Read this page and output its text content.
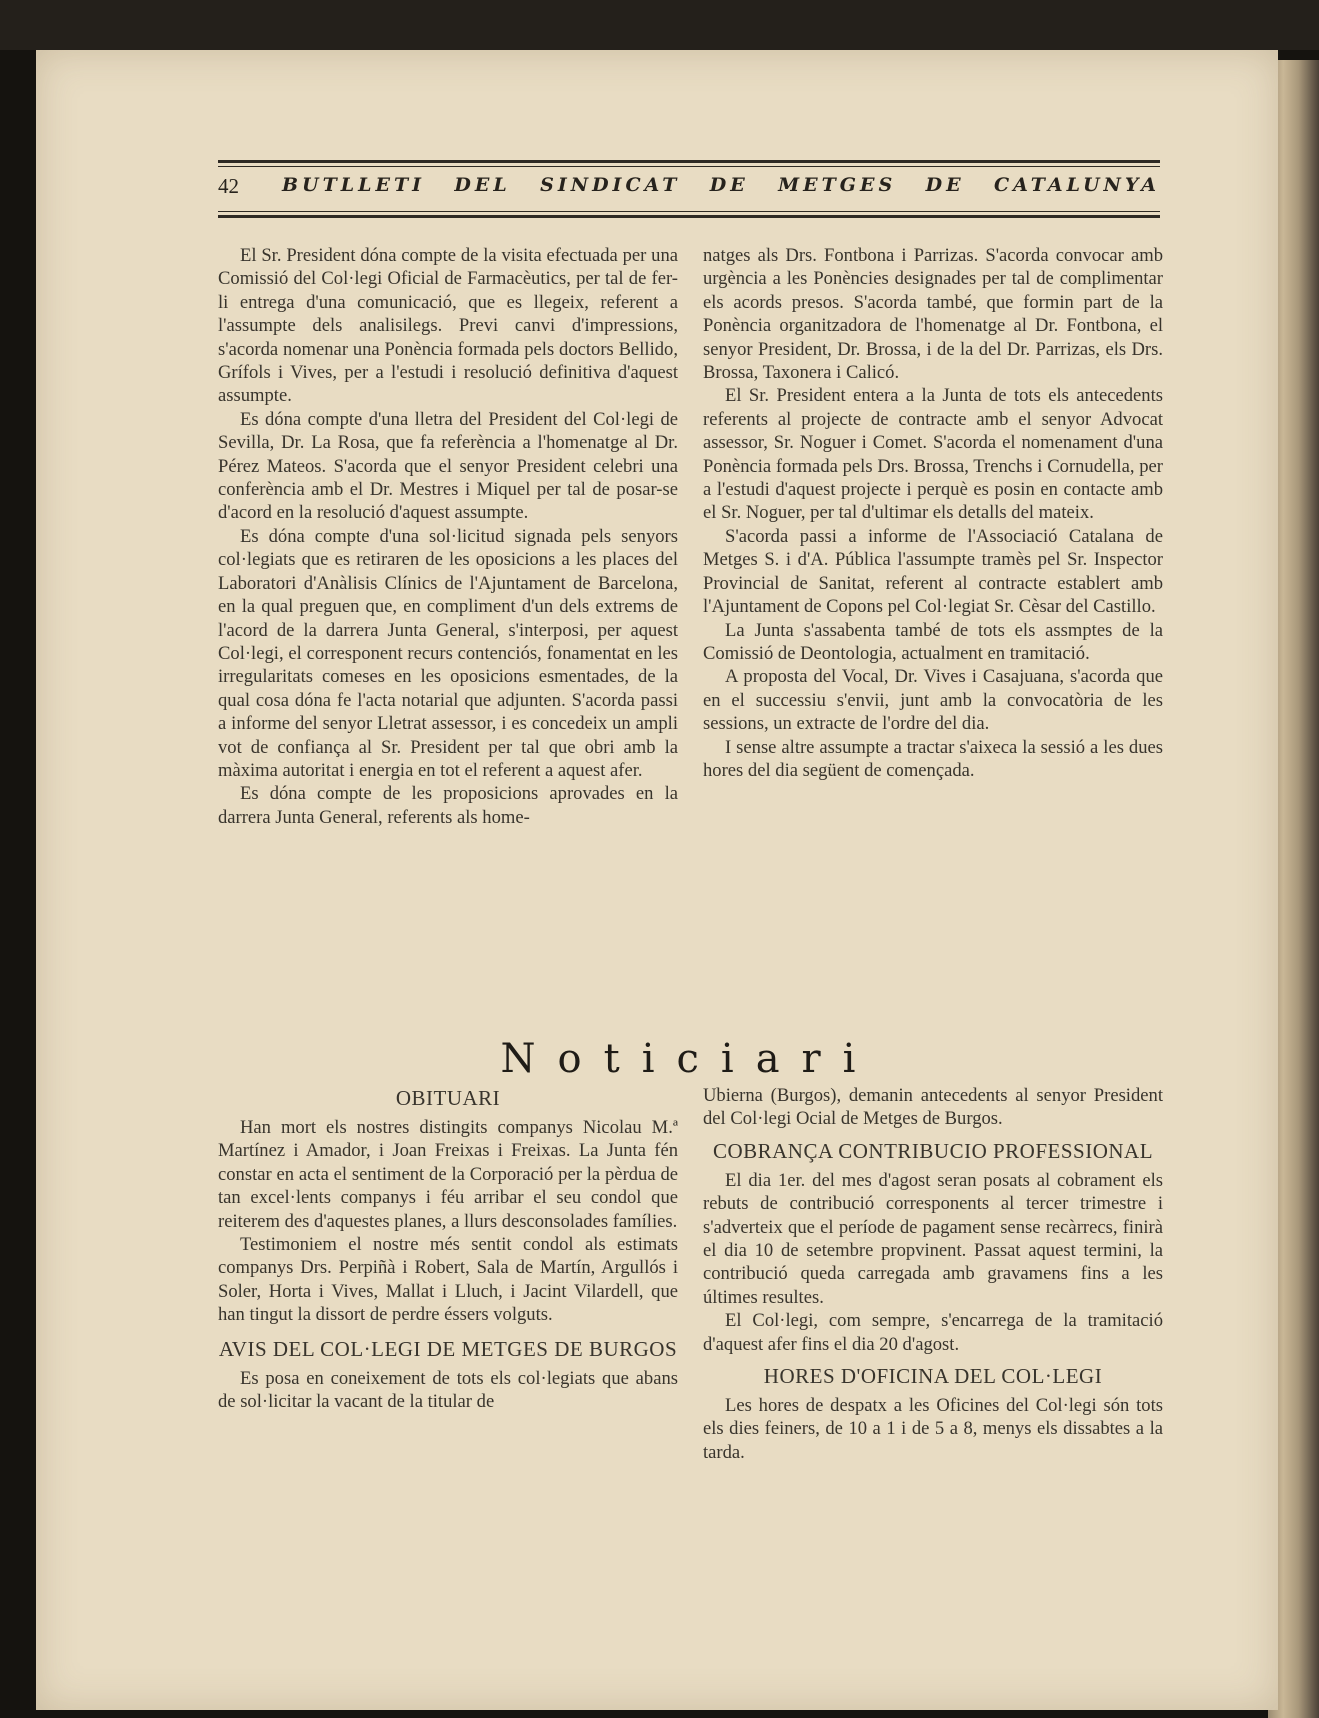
42 BUTLLETI DEL SINDICAT DE METGES DE CATALUNYA

El Sr. President dóna compte de la visita efectuada per una Comissió del Col·legi Oficial de Farmacèutics, per tal de fer-li entrega d'una comunicació, que es llegeix, referent a l'assumpte dels analisilegs. Previ canvi d'impressions, s'acorda nomenar una Ponència formada pels doctors Bellido, Grífols i Vives, per a l'estudi i resolució definitiva d'aquest assumpte.

Es dóna compte d'una lletra del President del Col·legi de Sevilla, Dr. La Rosa, que fa referència a l'homenatge al Dr. Pérez Mateos. S'acorda que el senyor President celebri una conferència amb el Dr. Mestres i Miquel per tal de posar-se d'acord en la resolució d'aquest assumpte.

Es dóna compte d'una sol·licitud signada pels senyors col·legiats que es retiraren de les oposicions a les places del Laboratori d'Anàlisis Clínics de l'Ajuntament de Barcelona, en la qual preguen que, en compliment d'un dels extrems de l'acord de la darrera Junta General, s'interposi, per aquest Col·legi, el corresponent recurs contenciós, fonamentat en les irregularitats comeses en les oposicions esmentades, de la qual cosa dóna fe l'acta notarial que adjunten. S'acorda passi a informe del senyor Lletrat assessor, i es concedeix un ampli vot de confiança al Sr. President per tal que obri amb la màxima autoritat i energia en tot el referent a aquest afer.

Es dóna compte de les proposicions aprovades en la darrera Junta General, referents als home-

natges als Drs. Fontbona i Parrizas. S'acorda convocar amb urgència a les Ponències designades per tal de complimentar els acords presos. S'acorda també, que formin part de la Ponència organitzadora de l'homenatge al Dr. Fontbona, el senyor President, Dr. Brossa, i de la del Dr. Parrizas, els Drs. Brossa, Taxonera i Calicó.

El Sr. President entera a la Junta de tots els antecedents referents al projecte de contracte amb el senyor Advocat assessor, Sr. Noguer i Comet. S'acorda el nomenament d'una Ponència formada pels Drs. Brossa, Trenchs i Cornudella, per a l'estudi d'aquest projecte i perquè es posin en contacte amb el Sr. Noguer, per tal d'ultimar els detalls del mateix.

S'acorda passi a informe de l'Associació Catalana de Metges S. i d'A. Pública l'assumpte tramès pel Sr. Inspector Provincial de Sanitat, referent al contracte establert amb l'Ajuntament de Copons pel Col·legiat Sr. Cèsar del Castillo.

La Junta s'assabenta també de tots els assmptes de la Comissió de Deontologia, actualment en tramitació.

A proposta del Vocal, Dr. Vives i Casajuana, s'acorda que en el successiu s'envii, junt amb la convocatòria de les sessions, un extracte de l'ordre del dia.

I sense altre assumpte a tractar s'aixeca la sessió a les dues hores del dia següent de començada.

Noticiari
OBITUARI

Han mort els nostres distingits companys Nicolau M.ª Martínez i Amador, i Joan Freixas i Freixas. La Junta fén constar en acta el sentiment de la Corporació per la pèrdua de tan excel·lents companys i féu arribar el seu condol que reiterem des d'aquestes planes, a llurs desconsolades famílies.

Testimoniem el nostre més sentit condol als estimats companys Drs. Perpiñà i Robert, Sala de Martín, Argullós i Soler, Horta i Vives, Mallat i Lluch, i Jacint Vilardell, que han tingut la dissort de perdre éssers volguts.

AVIS DEL COL·LEGI DE METGES DE BURGOS

Es posa en coneixement de tots els col·legiats que abans de sol·licitar la vacant de la titular de

Ubierna (Burgos), demanin antecedents al senyor President del Col·legi Ocial de Metges de Burgos.

COBRANÇA CONTRIBUCIO PROFESSIONAL

El dia 1er. del mes d'agost seran posats al cobrament els rebuts de contribució corresponents al tercer trimestre i s'adverteix que el període de pagament sense recàrrecs, finirà el dia 10 de setembre propvinent. Passat aquest termini, la contribució queda carregada amb gravamens fins a les últimes resultes.

El Col·legi, com sempre, s'encarrega de la tramitació d'aquest afer fins el dia 20 d'agost.

HORES D'OFICINA DEL COL·LEGI

Les hores de despatx a les Oficines del Col·legi són tots els dies feiners, de 10 a 1 i de 5 a 8, menys els dissabtes a la tarda.
